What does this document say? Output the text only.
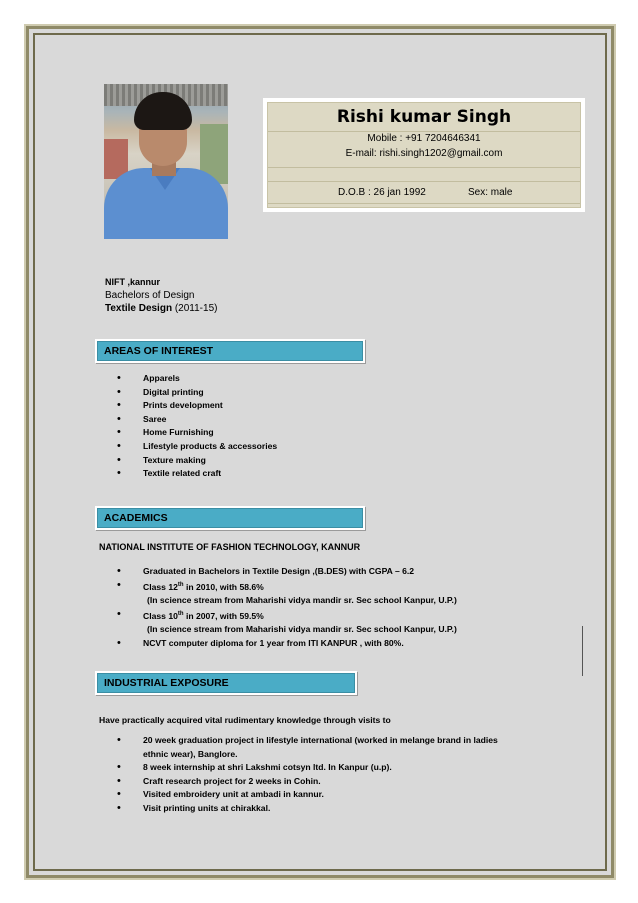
Rishi kumar Singh
Mobile : +91 7204646341
E-mail: rishi.singh1202@gmail.com
D.O.B : 26 jan 1992	Sex: male
NIFT ,kannur
Bachelors of Design
Textile Design (2011-15)
AREAS OF INTEREST
• Apparels
• Digital printing
• Prints development
• Saree
• Home Furnishing
• Lifestyle products & accessories
• Texture making
• Textile related craft
ACADEMICS
NATIONAL INSTITUTE OF FASHION TECHNOLOGY, KANNUR
• Graduated in Bachelors in Textile Design ,(B.DES) with CGPA – 6.2
• Class 12th in 2010, with 58.6%
(In science stream from Maharishi vidya mandir sr. Sec school Kanpur, U.P.)
• Class 10th in 2007, with 59.5%
(In science stream from Maharishi vidya mandir sr. Sec school Kanpur, U.P.)
• NCVT computer diploma for 1 year from ITI KANPUR , with 80%.
INDUSTRIAL EXPOSURE
Have practically acquired vital rudimentary knowledge through visits to
• 20 week graduation project in lifestyle international (worked in melange brand in ladies
ethnic wear), Banglore.
• 8 week internship at shri Lakshmi cotsyn ltd. In Kanpur (u.p).
• Craft research project for 2 weeks in Cohin.
• Visited embroidery unit at ambadi in kannur.
• Visit printing units at chirakkal.
